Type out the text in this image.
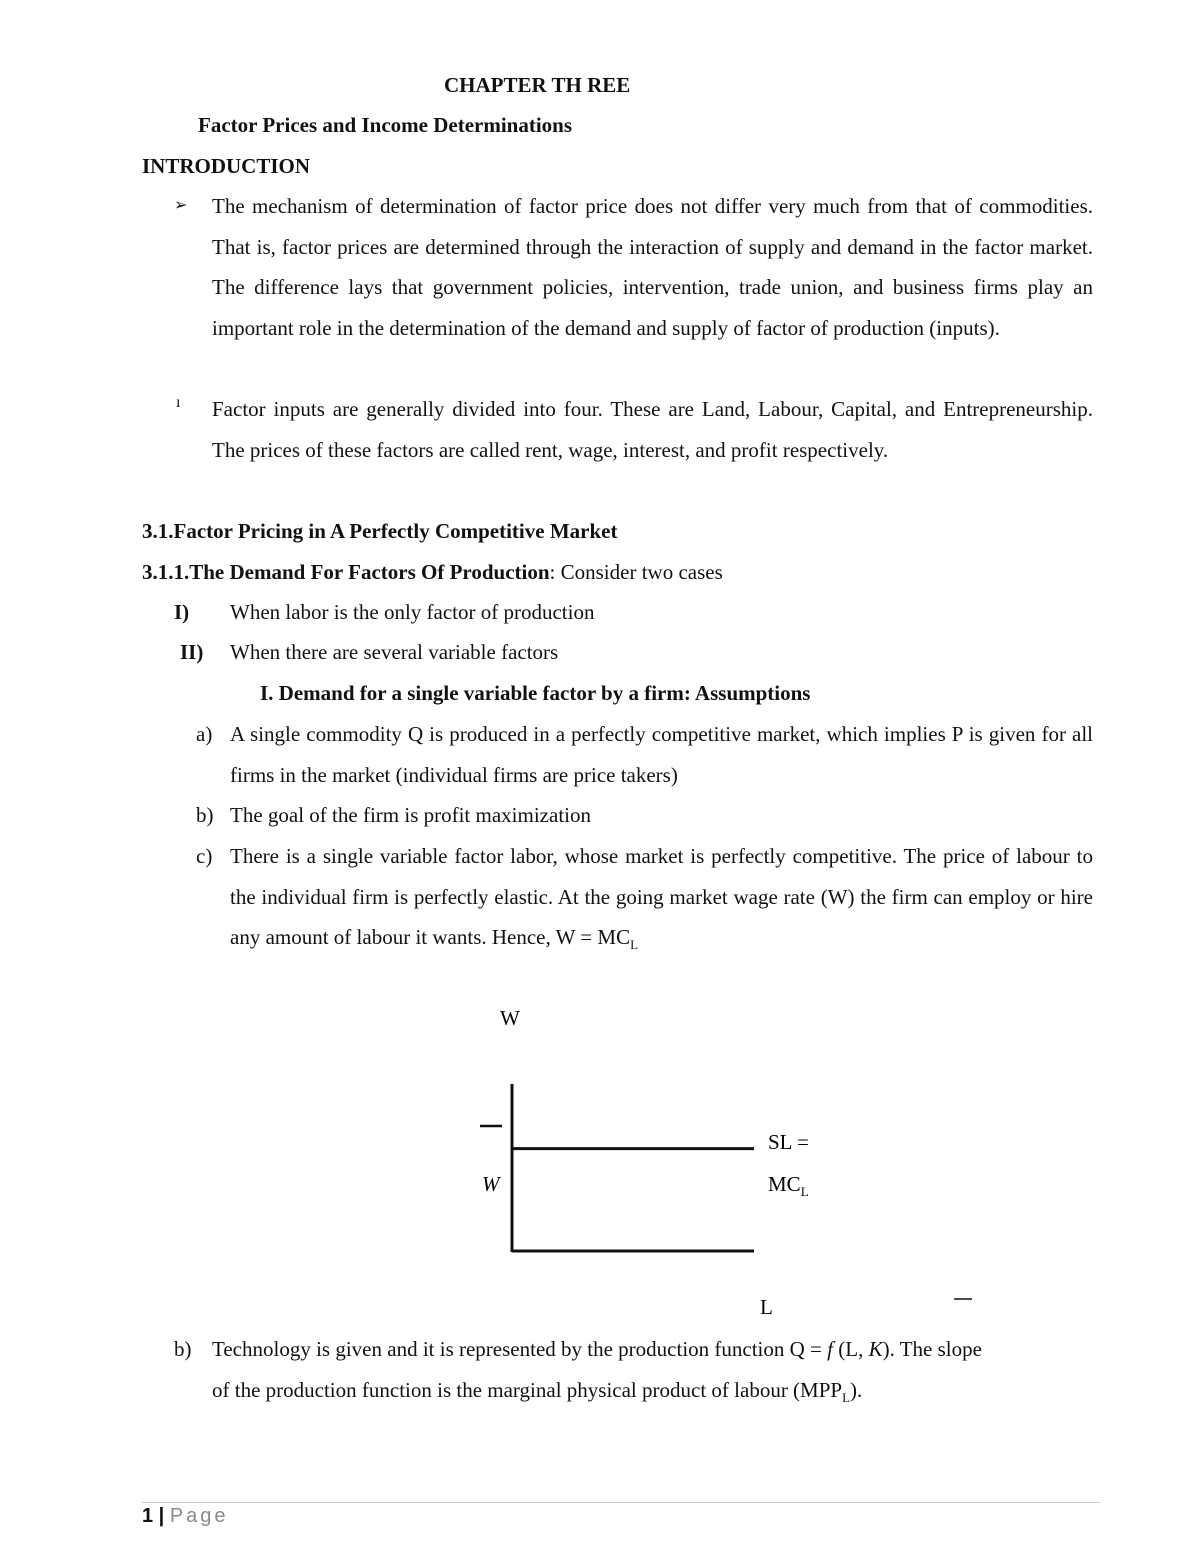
CHAPTER TH REE
Factor Prices and Income Determinations
INTRODUCTION
➢ The mechanism of determination of factor price does not differ very much from that of commodities. That is, factor prices are determined through the interaction of supply and demand in the factor market. The difference lays that government policies, intervention, trade union, and business firms play an important role in the determination of the demand and supply of factor of production (inputs).
ı Factor inputs are generally divided into four. These are Land, Labour, Capital, and Entrepreneurship. The prices of these factors are called rent, wage, interest, and profit respectively.
3.1.Factor Pricing in A Perfectly Competitive Market
3.1.1.The Demand For Factors Of Production: Consider two cases
I) When labor is the only factor of production
II) When there are several variable factors
I. Demand for a single variable factor by a firm: Assumptions
a) A single commodity Q is produced in a perfectly competitive market, which implies P is given for all firms in the market (individual firms are price takers)
b) The goal of the firm is profit maximization
c) There is a single variable factor labor, whose market is perfectly competitive. The price of labour to the individual firm is perfectly elastic. At the going market wage rate (W) the firm can employ or hire any amount of labour it wants. Hence, $W = MC_L$
W
W
SL =
$MC_L$
L
b) Technology is given and it is represented by the production function Q = f (L, K). The slope
of the production function is the marginal physical product of labour $(MPP_L)$.
1 | Page
